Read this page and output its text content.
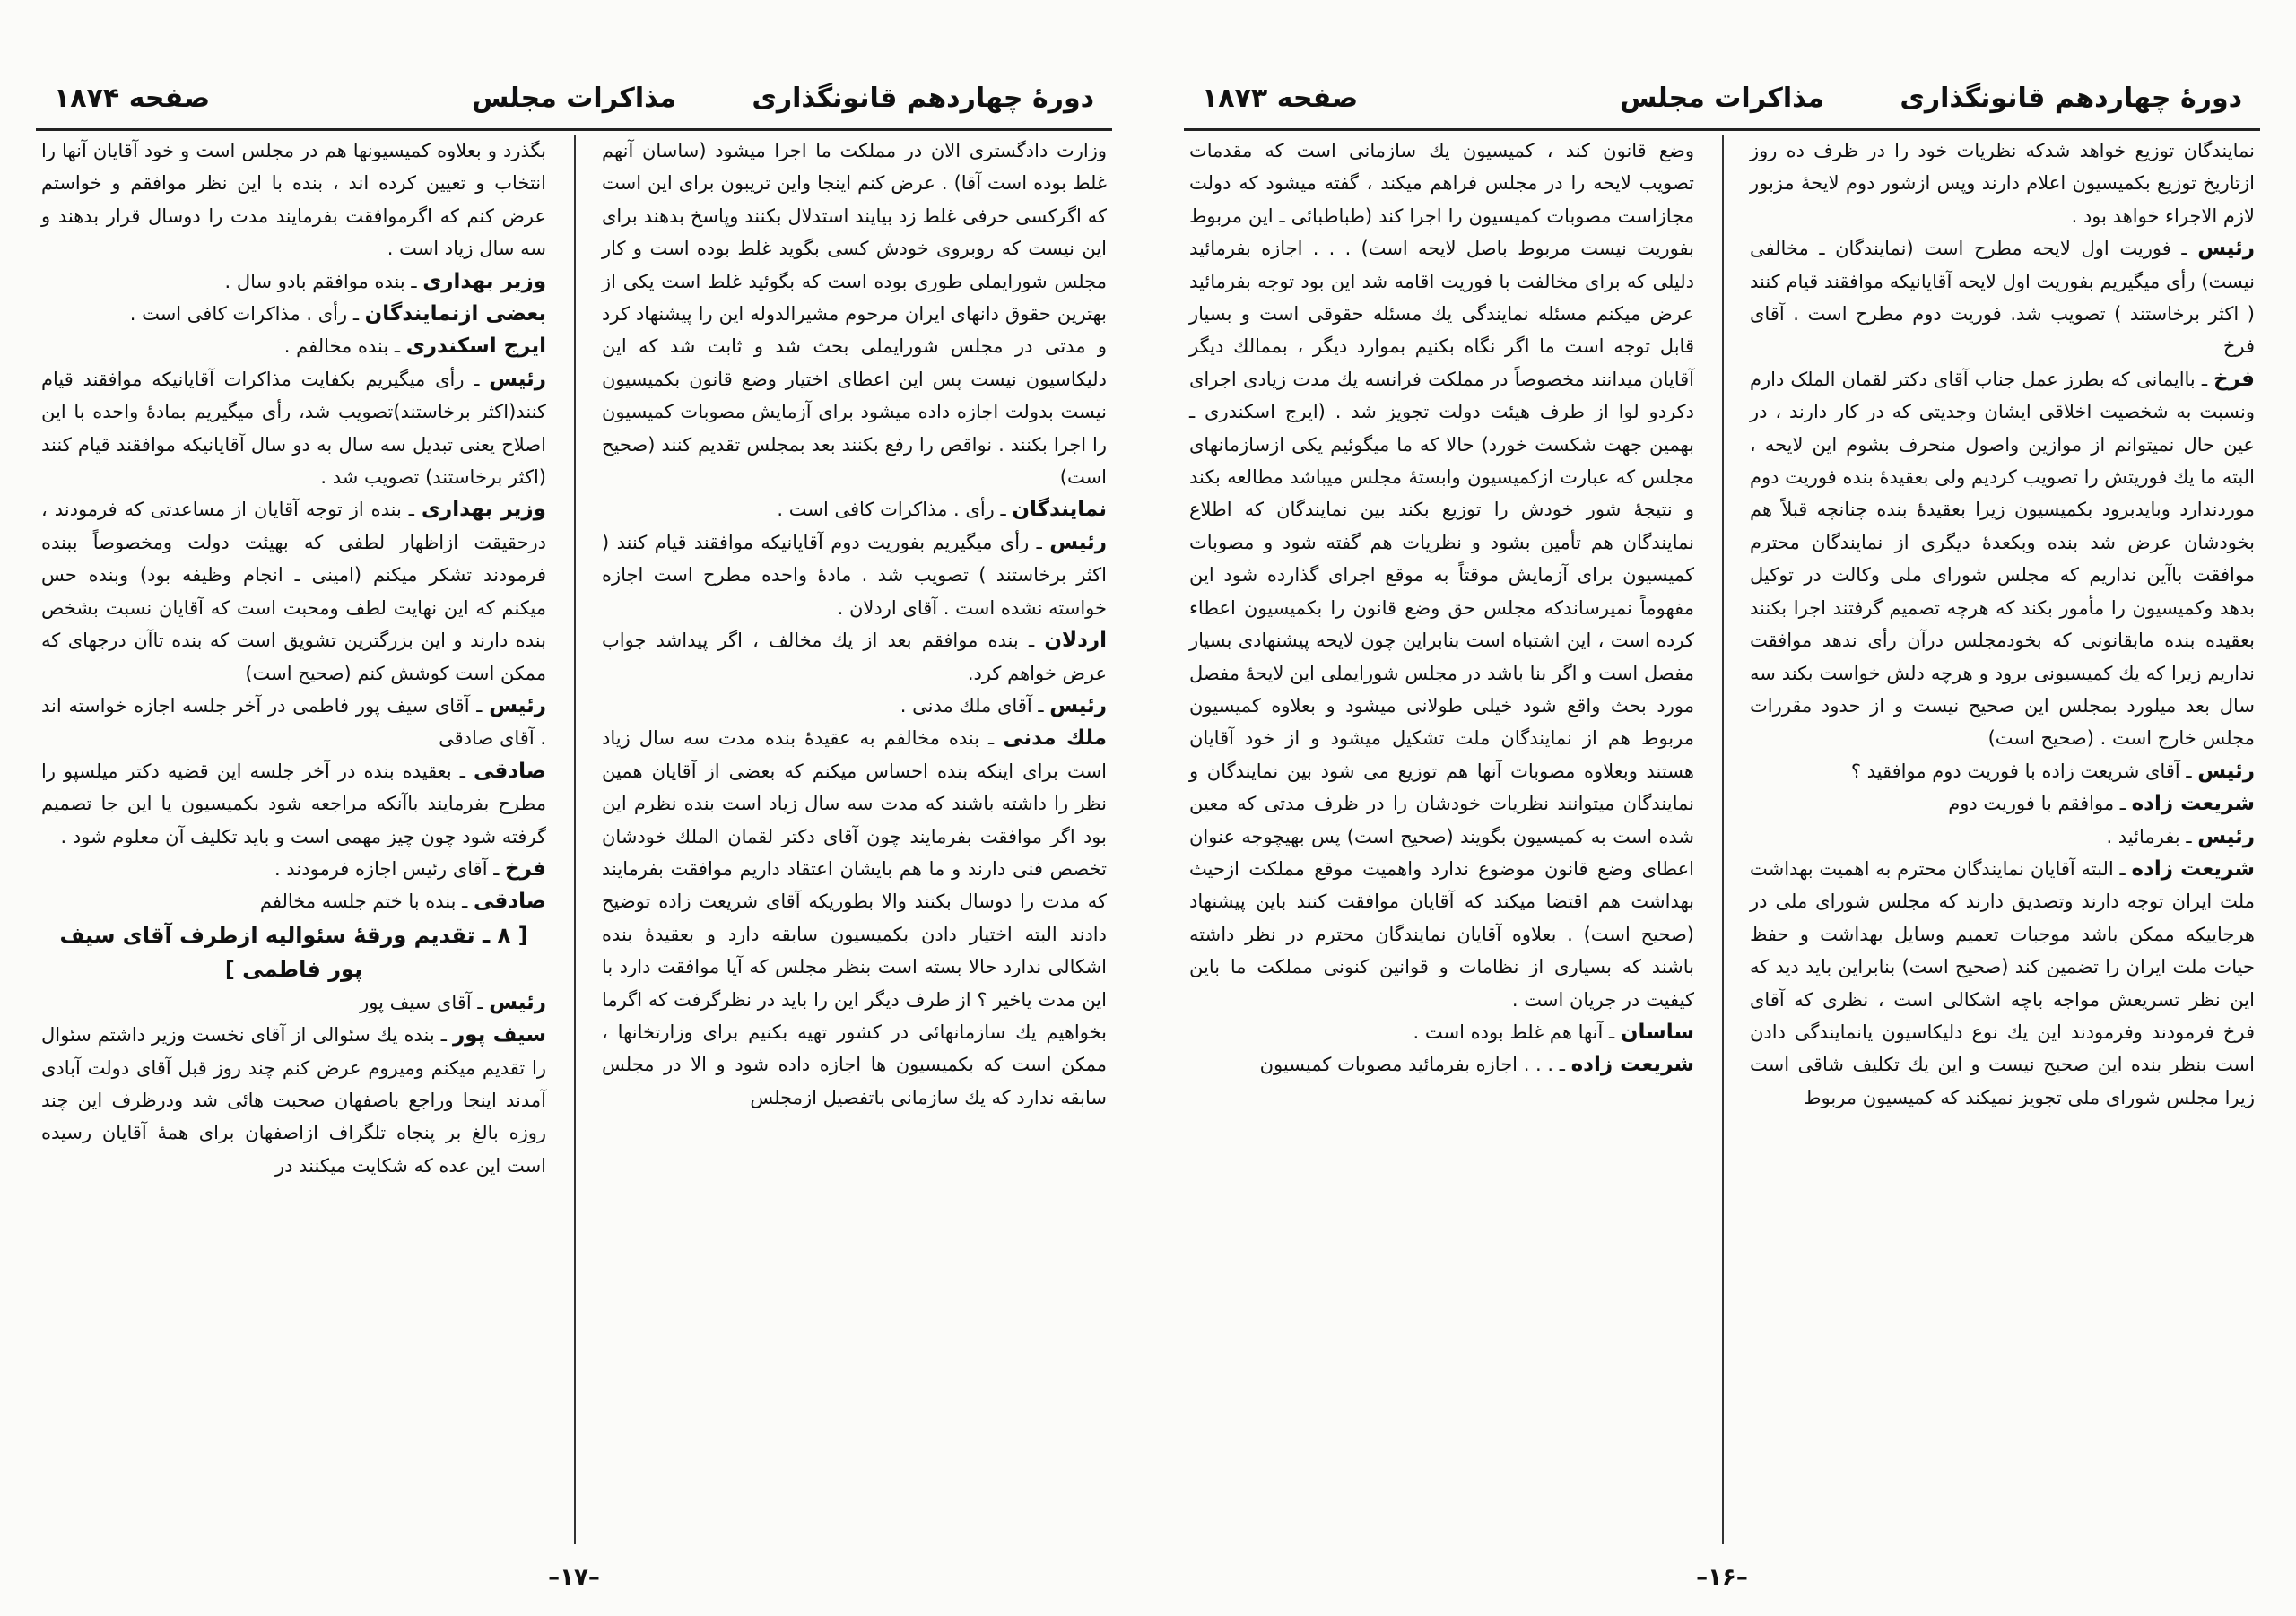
دورهٔ چهاردهم قانونگذاری
مذاکرات مجلس
صفحه ۱۸۷۴

وزارت دادگستری الان در مملکت ما اجرا میشود (ساسان آنهم غلط بوده است آقا) . عرض کنم اینجا واین تریبون برای این است که اگرکسی حرفی غلط زد بیایند استدلال بکنند وپاسخ بدهند برای این نیست که روبروی خودش کسی بگوید غلط بوده است و کار مجلس شورایملی طوری بوده است که بگوئید غلط است یکی از بهترین حقوق دانهای ایران مرحوم مشیرالدوله این را پیشنهاد کرد و مدتی در مجلس شورایملی بحث شد و ثابت شد که این دلیکاسیون نیست پس این اعطای اختیار وضع قانون بکمیسیون نیست بدولت اجازه داده میشود برای آزمایش مصوبات کمیسیون را اجرا بکنند . نواقص را رفع بکنند بعد بمجلس تقدیم کنند (صحیح است)

نمایندگان ـ رأی . مذاکرات کافی است .

رئیس ـ رأی میگیریم بفوریت دوم آقایانیکه موافقند قیام کنند ( اکثر برخاستند ) تصویب شد . مادهٔ واحده مطرح است اجازه خواسته نشده است . آقای اردلان .

اردلان ـ بنده موافقم بعد از یك مخالف ، اگر پیداشد جواب عرض خواهم کرد.

رئیس ـ آقای ملك مدنی .

ملك مدنی ـ بنده مخالفم به عقیدهٔ بنده مدت سه سال زیاد است برای اینکه بنده احساس میکنم که بعضی از آقایان همین نظر را داشته باشند که مدت سه سال زیاد است بنده نظرم این بود اگر موافقت بفرمایند چون آقای دکتر لقمان الملك خودشان تخصص فنی دارند و ما هم بایشان اعتقاد داریم موافقت بفرمایند که مدت را دوسال بکنند والا بطوریکه آقای شریعت زاده توضیح دادند البته اختیار دادن بکمیسیون سابقه دارد و بعقیدهٔ بنده اشکالی ندارد حالا بسته است بنظر مجلس که آیا موافقت دارد با این مدت یاخیر ؟ از طرف دیگر این را باید در نظرگرفت که اگرما بخواهیم یك سازمانهائی در کشور تهیه بکنیم برای وزارتخانها ، ممکن است که بکمیسیون ها اجازه داده شود و الا در مجلس سابقه ندارد که یك سازمانی باتفصیل ازمجلس

بگذرد و بعلاوه کمیسیونها هم در مجلس است و خود آقایان آنها را انتخاب و تعیین کرده اند ، بنده با این نظر موافقم و خواستم عرض کنم که اگرموافقت بفرمایند مدت را دوسال قرار بدهند و سه سال زیاد است .

وزیر بهداری ـ بنده موافقم بادو سال .

بعضی ازنمایندگان ـ رأی . مذاکرات کافی است .

ایرج اسکندری ـ بنده مخالفم .

رئیس ـ رأی میگیریم بکفایت مذاکرات آقایانیکه موافقند قیام کنند(اکثر برخاستند)تصویب شد، رأی میگیریم بمادهٔ واحده با این اصلاح یعنی تبدیل سه سال به دو سال آقایانیکه موافقند قیام کنند (اکثر برخاستند) تصویب شد .

وزیر بهداری ـ بنده از توجه آقایان از مساعدتی که فرمودند ، درحقیقت ازاظهار لطفی که بهیئت دولت ومخصوصاً ببنده فرمودند تشکر میکنم (امینی ـ انجام وظیفه بود) وبنده حس میکنم که این نهایت لطف ومحبت است که آقایان نسبت بشخص بنده دارند و این بزرگترین تشویق است که بنده تاآن درجهای که ممکن است کوشش کنم (صحیح است)

رئیس ـ آقای سیف پور فاطمی در آخر جلسه اجازه خواسته اند . آقای صادقی

صادقی ـ بعقیده بنده در آخر جلسه این قضیه دکتر میلسپو را مطرح بفرمایند باآنکه مراجعه شود بکمیسیون یا این جا تصمیم گرفته شود چون چیز مهمی است و باید تکلیف آن معلوم شود .

فرخ ـ آقای رئیس اجازه فرمودند .

صادقی ـ بنده با ختم جلسه مخالفم

[ ۸ ـ تقدیم ورقهٔ سئوالیه ازطرف آقای سیف پور فاطمی ]

رئیس ـ آقای سیف پور

سیف پور ـ بنده یك سئوالی از آقای نخست وزیر داشتم سئوال را تقدیم میکنم ومیروم عرض کنم چند روز قبل آقای دولت آبادی آمدند اینجا وراجع باصفهان صحبت هائی شد ودرظرف این چند روزه بالغ بر پنجاه تلگراف ازاصفهان برای همهٔ آقایان رسیده است این عده که شکایت میکنند در

–۱۷–
دورهٔ چهاردهم قانونگذاری
مذاکرات مجلس
صفحه ۱۸۷۳

نمایندگان توزیع خواهد شدکه نظریات خود را در ظرف ده روز ازتاریخ توزیع بکمیسیون اعلام دارند وپس ازشور دوم لایحهٔ مزبور لازم الاجراء خواهد بود .

رئیس ـ فوریت اول لایحه مطرح است (نمایندگان ـ مخالفی نیست) رأی میگیریم بفوریت اول لایحه آقایانیکه موافقند قیام کنند ( اکثر برخاستند ) تصویب شد. فوریت دوم مطرح است . آقای فرخ

فرخ ـ باایمانی که بطرز عمل جناب آقای دکتر لقمان الملک دارم ونسبت به شخصیت اخلاقی ایشان وجدیتی که در کار دارند ، در عین حال نمیتوانم از موازین واصول منحرف بشوم این لایحه ، البته ما یك فوریتش را تصویب کردیم ولی بعقیدهٔ بنده فوریت دوم موردندارد وبایدبرود بکمیسیون زیرا بعقیدهٔ بنده چنانچه قبلاً هم بخودشان عرض شد بنده وبکعدهٔ دیگری از نمایندگان محترم موافقت باآین نداریم که مجلس شورای ملی وکالت در توکیل بدهد وکمیسیون را مأمور بکند که هرچه تصمیم گرفتند اجرا بکنند بعقیده بنده مابقانونی که بخودمجلس درآن رأی ندهد موافقت نداریم زیرا که یك کمیسیونی برود و هرچه دلش خواست بکند سه سال بعد میلورد بمجلس این صحیح نیست و از حدود مقررات مجلس خارج است . (صحیح است)

رئیس ـ آقای شریعت زاده با فوریت دوم موافقید ؟

شریعت زاده ـ موافقم با فوریت دوم

رئیس ـ بفرمائید .

شریعت زاده ـ البته آقایان نمایندگان محترم به اهمیت بهداشت ملت ایران توجه دارند وتصدیق دارند که مجلس شورای ملی در هرجاییکه ممکن باشد موجبات تعمیم وسایل بهداشت و حفظ حیات ملت ایران را تضمین کند (صحیح است) بنابراین باید دید که این نظر تسریعش مواجه باچه اشکالی است ، نظری که آقای فرخ فرمودند وفرمودند این یك نوع دلیکاسیون یانمایندگی دادن است بنظر بنده این صحیح نیست و این یك تکلیف شاقی است زیرا مجلس شورای ملی تجویز نمیکند که کمیسیون مربوط

وضع قانون کند ، کمیسیون یك سازمانی است که مقدمات تصویب لایحه را در مجلس فراهم میکند ، گفته میشود که دولت مجازاست مصوبات کمیسیون را اجرا کند (طباطبائی ـ این مربوط بفوریت نیست مربوط باصل لایحه است) . . . اجازه بفرمائید دلیلی که برای مخالفت با فوریت اقامه شد این بود توجه بفرمائید عرض میکنم مسئله نمایندگی یك مسئله حقوقی است و بسیار قابل توجه است ما اگر نگاه بکنیم بموارد دیگر ، بممالك دیگر آقایان میدانند مخصوصاً در مملکت فرانسه یك مدت زیادی اجرای دکردو لوا از طرف هیئت دولت تجویز شد . (ایرج اسکندری ـ بهمین جهت شکست خورد) حالا که ما میگوئیم یکی ازسازمانهای مجلس که عبارت ازکمیسیون وابستهٔ مجلس میباشد مطالعه بکند و نتیجهٔ شور خودش را توزیع بکند بین نمایندگان که اطلاع نمایندگان هم تأمین بشود و نظریات هم گفته شود و مصوبات کمیسیون برای آزمایش موقتاً به موقع اجرای گذارده شود این مفهوماً نمیرساندکه مجلس حق وضع قانون را بکمیسیون اعطاء کرده است ، این اشتباه است بنابراین چون لایحه پیشنهادی بسیار مفصل است و اگر بنا باشد در مجلس شورایملی این لایحهٔ مفصل مورد بحث واقع شود خیلی طولانی میشود و بعلاوه کمیسیون مربوط هم از نمایندگان ملت تشکیل میشود و از خود آقایان هستند وبعلاوه مصوبات آنها هم توزیع می شود بین نمایندگان و نمایندگان میتوانند نظریات خودشان را در ظرف مدتی که معین شده است به کمیسیون بگویند (صحیح است) پس بهیچوجه عنوان اعطای وضع قانون موضوع ندارد واهمیت موقع مملکت ازحیث بهداشت هم اقتضا میکند که آقایان موافقت کنند باین پیشنهاد (صحیح است) . بعلاوه آقایان نمایندگان محترم در نظر داشته باشند که بسیاری از نظامات و قوانین کنونی مملکت ما باین کیفیت در جریان است .

ساسان ـ آنها هم غلط بوده است .

شریعت زاده ـ . . . اجازه بفرمائید مصوبات کمیسیون

–۱۶–
